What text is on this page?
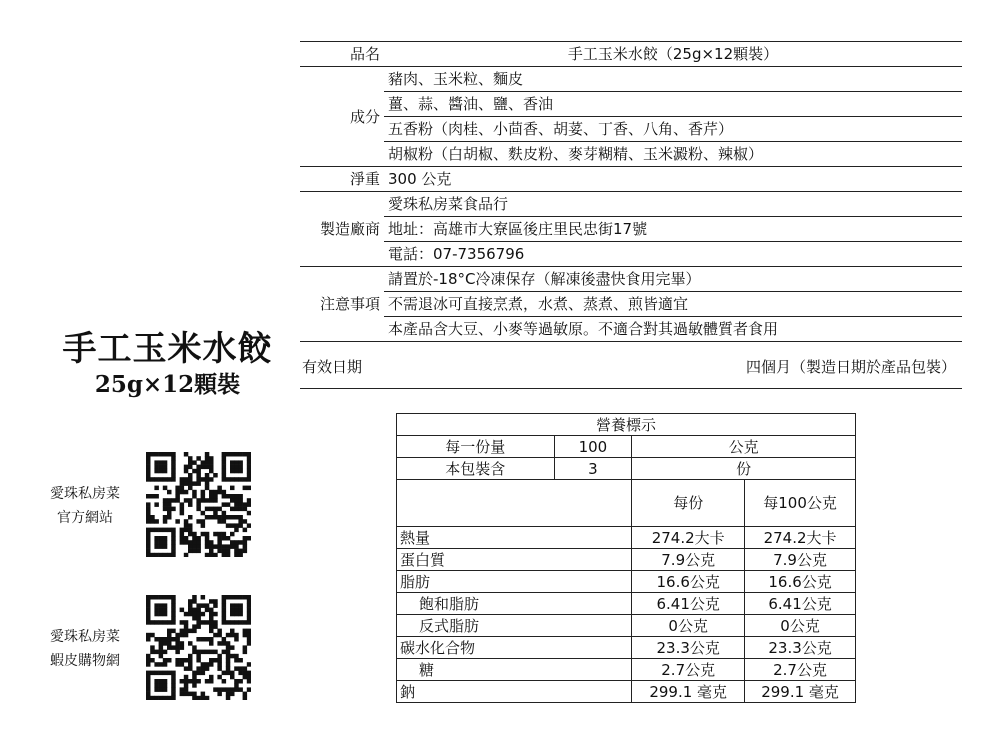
手工玉米水餃
25g×12顆裝
愛珠私房菜
官方網站
愛珠私房菜
蝦皮購物網
品名	手工玉米水餃（25g×12顆裝）
成分	豬肉、玉米粒、麵皮
	薑、蒜、醬油、鹽、香油
	五香粉（肉桂、小茴香、胡荽、丁香、八角、香芹）
	胡椒粉（白胡椒、麩皮粉、麥芽糊精、玉米澱粉、辣椒）
淨重	300 公克
製造廠商	愛珠私房菜食品行
	地址：高雄市大寮區後庄里民忠街17號
	電話：07-7356796
注意事項	請置於-18°C冷凍保存（解凍後盡快食用完畢）
	不需退冰可直接烹煮，水煮、蒸煮、煎皆適宜
	本產品含大豆、小麥等過敏原。不適合對其過敏體質者食用
有效日期	四個月（製造日期於產品包裝）
營養標示			
每一份量	100	公克	
本包裝含	3	份	
		每份	每100公克
熱量		274.2大卡	274.2大卡
蛋白質		7.9公克	7.9公克
脂肪		16.6公克	16.6公克
飽和脂肪		6.41公克	6.41公克
反式脂肪		0公克	0公克
碳水化合物		23.3公克	23.3公克
糖		2.7公克	2.7公克
鈉		299.1 毫克	299.1 毫克
